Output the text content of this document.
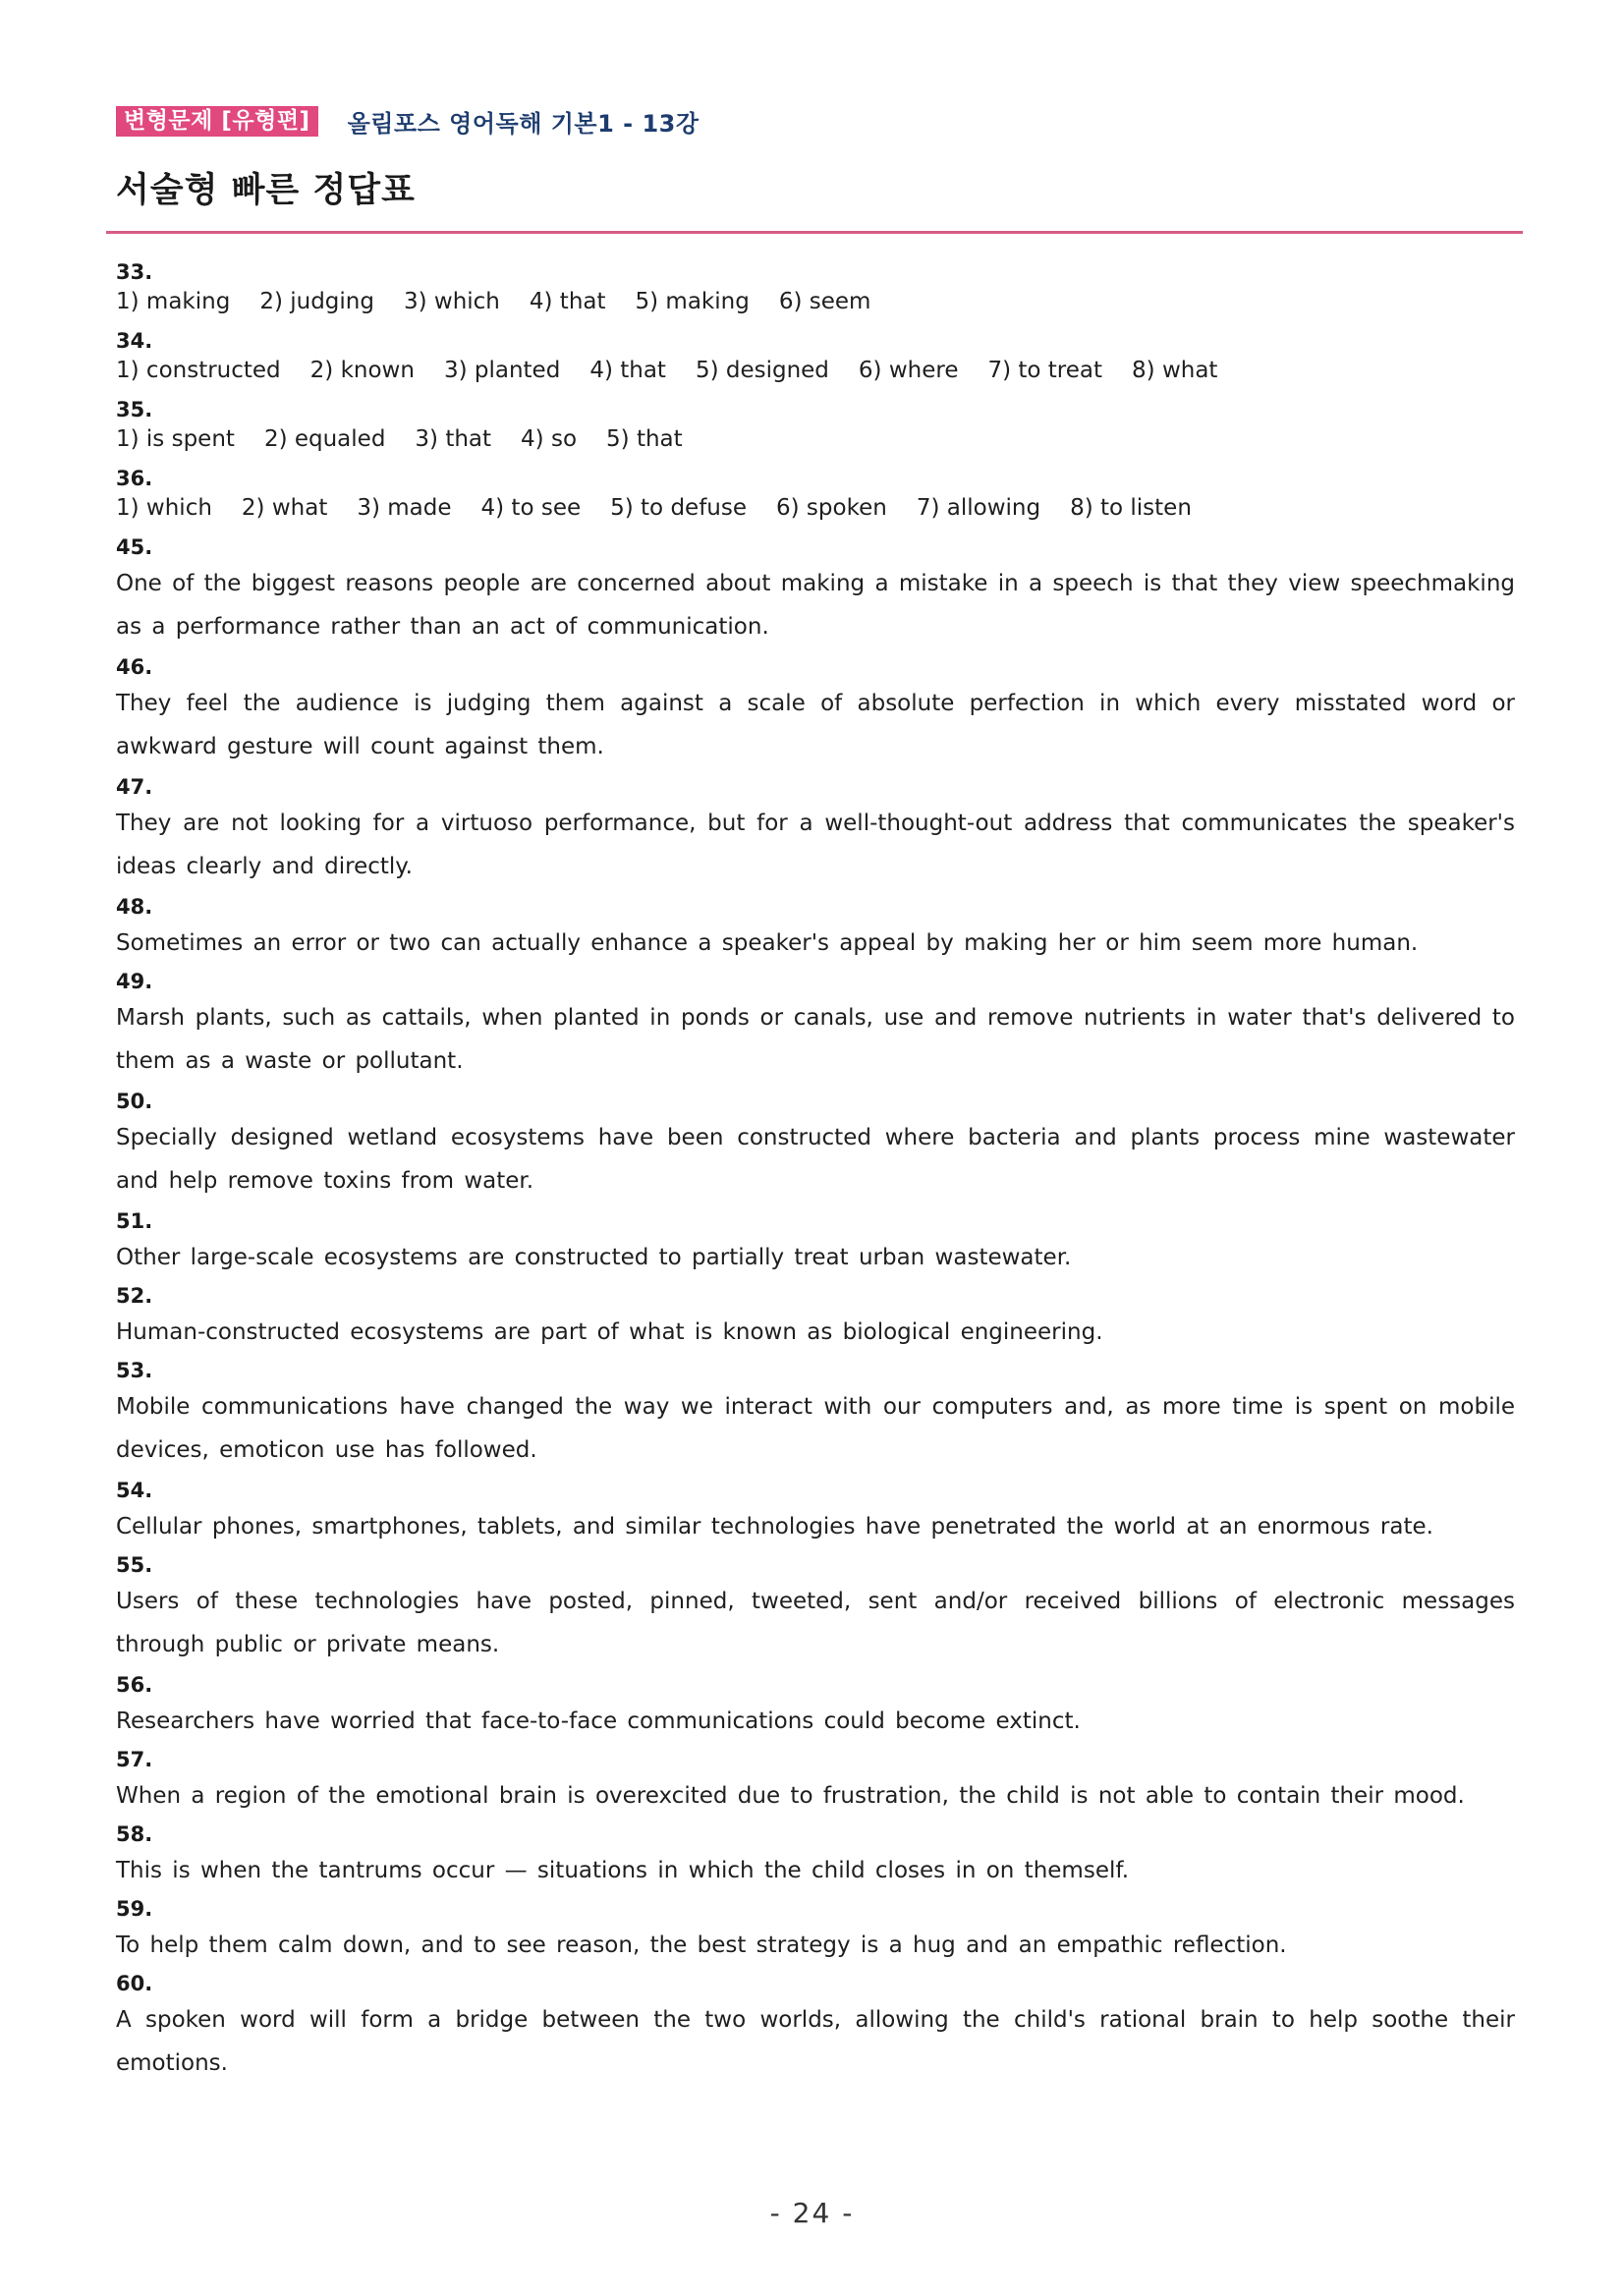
변형문제 [유형편]	올림포스 영어독해 기본1 - 13강
서술형 빠른 정답표
33.
1) making 2) judging 3) which 4) that 5) making 6) seem
34.
1) constructed 2) known 3) planted 4) that 5) designed 6) where 7) to treat 8) what
35.
1) is spent 2) equaled 3) that 4) so 5) that
36.
1) which 2) what 3) made 4) to see 5) to defuse 6) spoken 7) allowing 8) to listen
45.
One of the biggest reasons people are concerned about making a mistake in a speech is that they view speechmaking as a performance rather than an act of communication.
46.
They feel the audience is judging them against a scale of absolute perfection in which every misstated word or awkward gesture will count against them.
47.
They are not looking for a virtuoso performance, but for a well-thought-out address that communicates the speaker's ideas clearly and directly.
48.
Sometimes an error or two can actually enhance a speaker's appeal by making her or him seem more human.
49.
Marsh plants, such as cattails, when planted in ponds or canals, use and remove nutrients in water that's delivered to them as a waste or pollutant.
50.
Specially designed wetland ecosystems have been constructed where bacteria and plants process mine wastewater and help remove toxins from water.
51.
Other large-scale ecosystems are constructed to partially treat urban wastewater.
52.
Human-constructed ecosystems are part of what is known as biological engineering.
53.
Mobile communications have changed the way we interact with our computers and, as more time is spent on mobile devices, emoticon use has followed.
54.
Cellular phones, smartphones, tablets, and similar technologies have penetrated the world at an enormous rate.
55.
Users of these technologies have posted, pinned, tweeted, sent and/or received billions of electronic messages through public or private means.
56.
Researchers have worried that face-to-face communications could become extinct.
57.
When a region of the emotional brain is overexcited due to frustration, the child is not able to contain their mood.
58.
This is when the tantrums occur — situations in which the child closes in on themself.
59.
To help them calm down, and to see reason, the best strategy is a hug and an empathic reflection.
60.
A spoken word will form a bridge between the two worlds, allowing the child's rational brain to help soothe their emotions.
- 24 -
